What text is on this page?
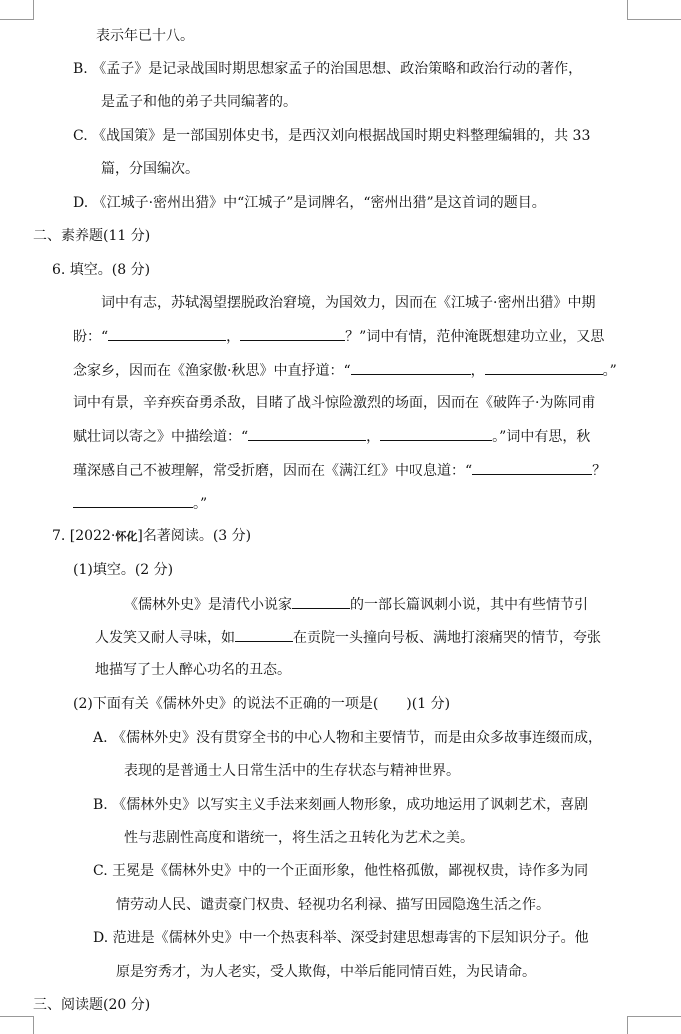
表示年已十八。
B. 《孟子》是记录战国时期思想家孟子的治国思想、政治策略和政治行动的著作，
是孟子和他的弟子共同编著的。
C. 《战国策》是一部国别体史书，是西汉刘向根据战国时期史料整理编辑的，共 33
篇，分国编次。
D. 《江城子·密州出猎》中“江城子”是词牌名，“密州出猎”是这首词的题目。
二、素养题(11 分)
6. 填空。(8 分)
词中有志，苏轼渴望摆脱政治窘境，为国效力，因而在《江城子·密州出猎》中期
盼：“	，	？”词中有情，范仲淹既想建功立业，又思
念家乡，因而在《渔家傲·秋思》中直抒道：“	，	。”
词中有景，辛弃疾奋勇杀敌，目睹了战斗惊险激烈的场面，因而在《破阵子·为陈同甫
赋壮词以寄之》中描绘道：“	，	。”词中有思，秋
瑾深感自己不被理解，常受折磨，因而在《满江红》中叹息道：“	？
。”
7. [2022·怀化]名著阅读。(3 分)
(1)填空。(2 分)
《儒林外史》是清代小说家	的一部长篇讽刺小说，其中有些情节引
人发笑又耐人寻味，如	在贡院一头撞向号板、满地打滚痛哭的情节，夸张
地描写了士人醉心功名的丑态。
(2)下面有关《儒林外史》的说法不正确的一项是( )(1 分)
A. 《儒林外史》没有贯穿全书的中心人物和主要情节，而是由众多故事连缀而成，
表现的是普通士人日常生活中的生存状态与精神世界。
B. 《儒林外史》以写实主义手法来刻画人物形象，成功地运用了讽刺艺术，喜剧
性与悲剧性高度和谐统一，将生活之丑转化为艺术之美。
C. 王冕是《儒林外史》中的一个正面形象，他性格孤傲，鄙视权贵，诗作多为同
情劳动人民、谴责豪门权贵、轻视功名利禄、描写田园隐逸生活之作。
D. 范进是《儒林外史》中一个热衷科举、深受封建思想毒害的下层知识分子。他
原是穷秀才，为人老实，受人欺侮，中举后能同情百姓，为民请命。
三、阅读题(20 分)
